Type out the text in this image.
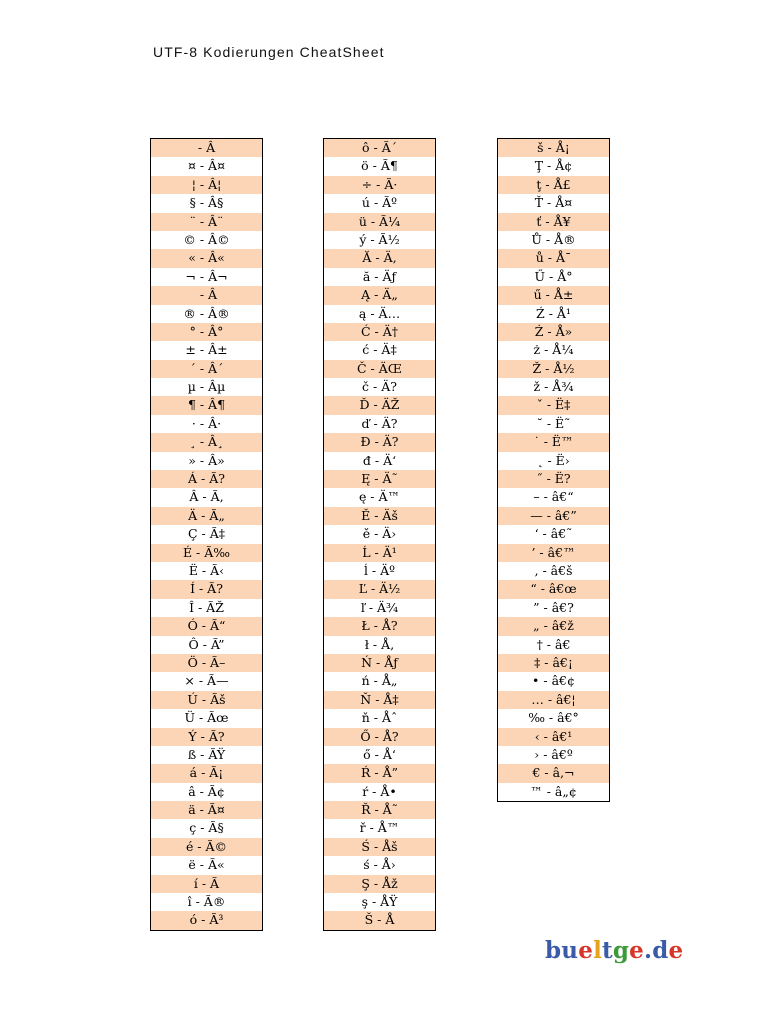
UTF-8 Kodierungen CheatSheet
- Â
¤ - Â¤
¦ - Â¦
§ - Â§
¨ - Â¨
© - Â©
« - Â«
¬ - Â¬
- Â
® - Â®
° - Â°
± - Â±
´ - Â´
µ - Âµ
¶ - Â¶
· - Â·
¸ - Â¸
» - Â»
Á - Ã?
Â - Ã‚
Ä - Ã„
Ç - Ã‡
É - Ã‰
Ë - Ã‹
Í - Ã?
Î - ÃŽ
Ó - Ã“
Ô - Ã”
Ö - Ã–
× - Ã—
Ú - Ãš
Ü - Ãœ
Ý - Ã?
ß - ÃŸ
á - Ã¡
â - Ã¢
ä - Ã¤
ç - Ã§
é - Ã©
ë - Ã«
í - Ã
î - Ã®
ó - Ã³
ô - Ã´
ö - Ã¶
÷ - Ã·
ú - Ãº
ü - Ã¼
ý - Ã½
Ă - Ä‚
ă - Äƒ
Ą - Ä„
ą - Ä…
Ć - Ä†
ć - Ä‡
Č - ÄŒ
č - Ä?
Ď - ÄŽ
ď - Ä?
Đ - Ä?
đ - Ä‘
Ę - Ä˜
ę - Ä™
Ě - Äš
ě - Ä›
Ĺ - Ä¹
ĺ - Äº
Ľ - Ä½
ľ - Ä¾
Ł - Å?
ł - Å‚
Ń - Åƒ
ń - Å„
Ň - Å‡
ň - Åˆ
Ő - Å?
ő - Å‘
Ŕ - Å”
ŕ - Å•
Ř - Å˜
ř - Å™
Ś - Åš
ś - Å›
Ş - Åž
ş - ÅŸ
Š - Å
š - Å¡
Ţ - Å¢
ţ - Å£
Ť - Å¤
ť - Å¥
Ů - Å®
ů - Å¯
Ű - Å°
ű - Å±
Ź - Å¹
Ż - Å»
ż - Å¼
Ž - Å½
ž - Å¾
ˇ - Ë‡
˘ - Ë˜
˙ - Ë™
˛ - Ë›
˝ - Ë?
– - â€“
— - â€”
‘ - â€˜
’ - â€™
‚ - â€š
“ - â€œ
” - â€?
„ - â€ž
† - â€
‡ - â€¡
• - â€¢
… - â€¦
‰ - â€°
‹ - â€¹
› - â€º
€ - â‚¬
™ - â„¢
bueltge.de
